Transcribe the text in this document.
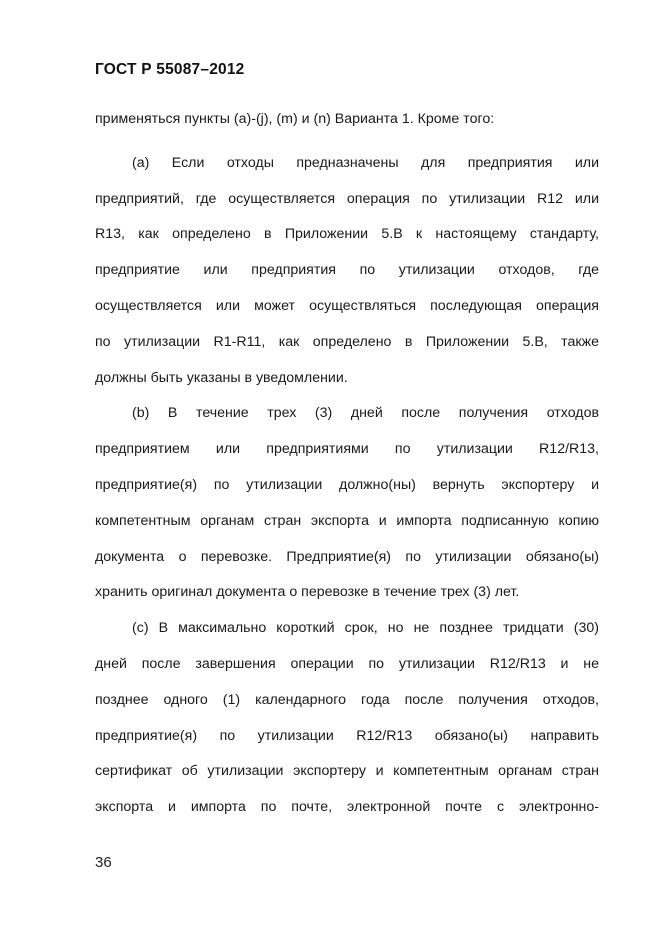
ГОСТ Р 55087–2012
применяться пункты (a)-(j), (m) и (n) Варианта 1. Кроме того:
(a) Если отходы предназначены для предприятия или
предприятий, где осуществляется операция по утилизации R12 или
R13, как определено в Приложении 5.B к настоящему стандарту,
предприятие или предприятия по утилизации отходов, где
осуществляется или может осуществляться последующая операция
по утилизации R1-R11, как определено в Приложении 5.B, также
должны быть указаны в уведомлении.
(b) В течение трех (3) дней после получения отходов
предприятием или предприятиями по утилизации R12/R13,
предприятие(я) по утилизации должно(ны) вернуть экспортеру и
компетентным органам стран экспорта и импорта подписанную копию
документа о перевозке. Предприятие(я) по утилизации обязано(ы)
хранить оригинал документа о перевозке в течение трех (3) лет.
(c) В максимально короткий срок, но не позднее тридцати (30)
дней после завершения операции по утилизации R12/R13 и не
позднее одного (1) календарного года после получения отходов,
предприятие(я) по утилизации R12/R13 обязано(ы) направить
сертификат об утилизации экспортеру и компетентным органам стран
экспорта и импорта по почте, электронной почте с электронно-
36
